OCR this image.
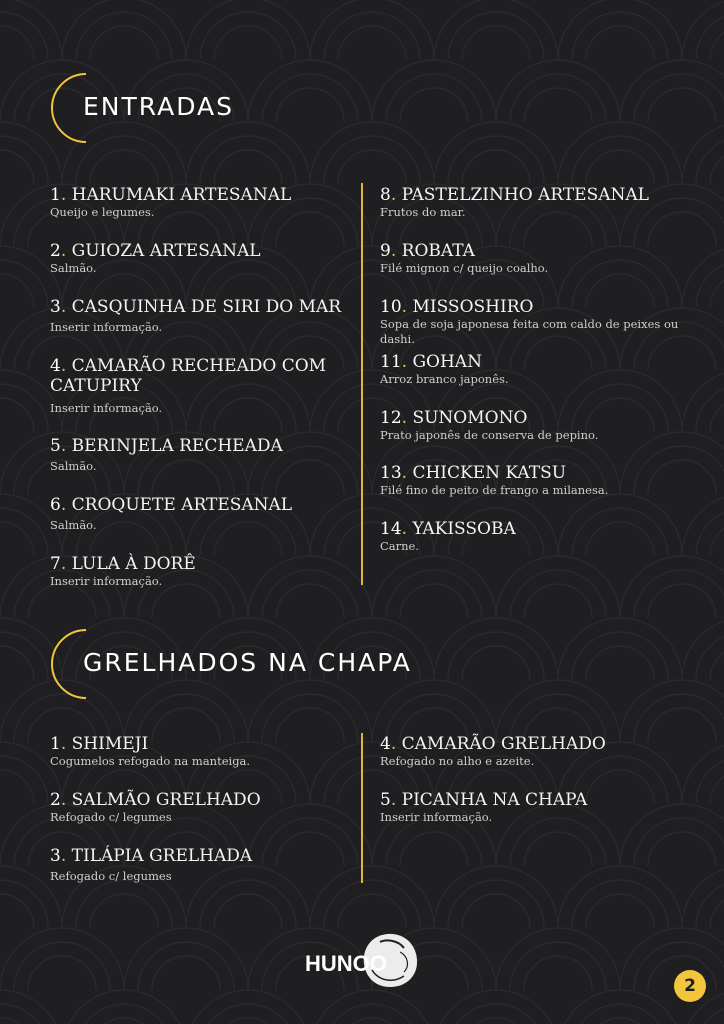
ENTRADAS
1. HARUMAKI ARTESANAL
Queijo e legumes.
2. GUIOZA ARTESANAL
Salmão.
3. CASQUINHA DE SIRI DO MAR
Inserir informação.
4. CAMARÃO RECHEADO COM CATUPIRY
Inserir informação.
5. BERINJELA RECHEADA
Salmão.
6. CROQUETE ARTESANAL
Salmão.
7. LULA À DORÊ
Inserir informação.
8. PASTELZINHO ARTESANAL
Frutos do mar.
9. ROBATA
Filé mignon c/ queijo coalho.
10. MISSOSHIRO
Sopa de soja japonesa feita com caldo de peixes ou dashi.
11. GOHAN
Arroz branco japonês.
12. SUNOMONO
Prato japonês de conserva de pepino.
13. CHICKEN KATSU
Filé fino de peito de frango a milanesa.
14. YAKISSOBA
Carne.
GRELHADOS NA CHAPA
1. SHIMEJI
Cogumelos refogado na manteiga.
2. SALMÃO GRELHADO
Refogado c/ legumes
3. TILÁPIA GRELHADA
Refogado c/ legumes
4. CAMARÃO GRELHADO
Refogado no alho e azeite.
5. PICANHA NA CHAPA
Inserir informação.
HUNOO
2
